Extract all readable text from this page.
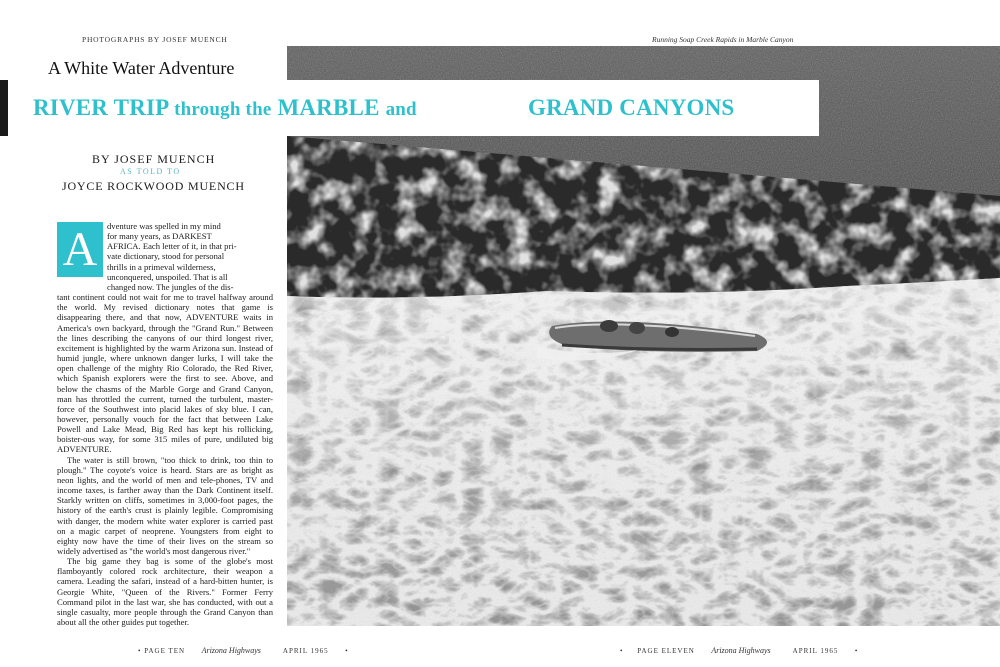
PHOTOGRAPHS BY JOSEF MUENCH	Running Soap Creek Rapids in Marble Canyon
A White Water Adventure
RIVER TRIP through the MARBLE and	GRAND CANYONS
BY JOSEF MUENCH
AS TOLD TO
JOYCE ROCKWOOD MUENCH
A	dventure was spelled in my mind
for many years, as DARKEST
AFRICA. Each letter of it, in that pri-
vate dictionary, stood for personal
thrills in a primeval wilderness,
unconquered, unspoiled. That is all
changed now. The jungles of the dis-

tant continent could not wait for me to travel halfway around the world. My revised dictionary notes that game is disappearing there, and that now, ADVENTURE waits in America's own backyard, through the "Grand Run." Between the lines describing the canyons of our third longest river, excitement is highlighted by the warm Arizona sun. Instead of humid jungle, where unknown danger lurks, I will take the open challenge of the mighty Rio Colorado, the Red River, which Spanish explorers were the first to see. Above, and below the chasms of the Marble Gorge and Grand Canyon, man has throttled the current, turned the turbulent, master-force of the Southwest into placid lakes of sky blue. I can, however, personally vouch for the fact that between Lake Powell and Lake Mead, Big Red has kept his rollicking, boister-ous way, for some 315 miles of pure, undiluted big ADVENTURE.

The water is still brown, "too thick to drink, too thin to plough." The coyote's voice is heard. Stars are as bright as neon lights, and the world of men and tele-phones, TV and income taxes, is farther away than the Dark Continent itself. Starkly written on cliffs, sometimes in 3,000-foot pages, the history of the earth's crust is plainly legible. Compromising with danger, the modern white water explorer is carried past on a magic carpet of neoprene. Youngsters from eight to eighty now have the time of their lives on the stream so widely advertised as "the world's most dangerous river."

The big game they bag is some of the globe's most flamboyantly colored rock architecture, their weapon a camera. Leading the safari, instead of a hard-bitten hunter, is Georgie White, "Queen of the Rivers." Former Ferry Command pilot in the last war, she has conducted, with out a single casualty, more people through the Grand Canyon than about all the other guides put together.

• PAGE TEN Arizona Highways	APRIL 1965      •	•     PAGE ELEVEN Arizona Highways	APRIL 1965      •
